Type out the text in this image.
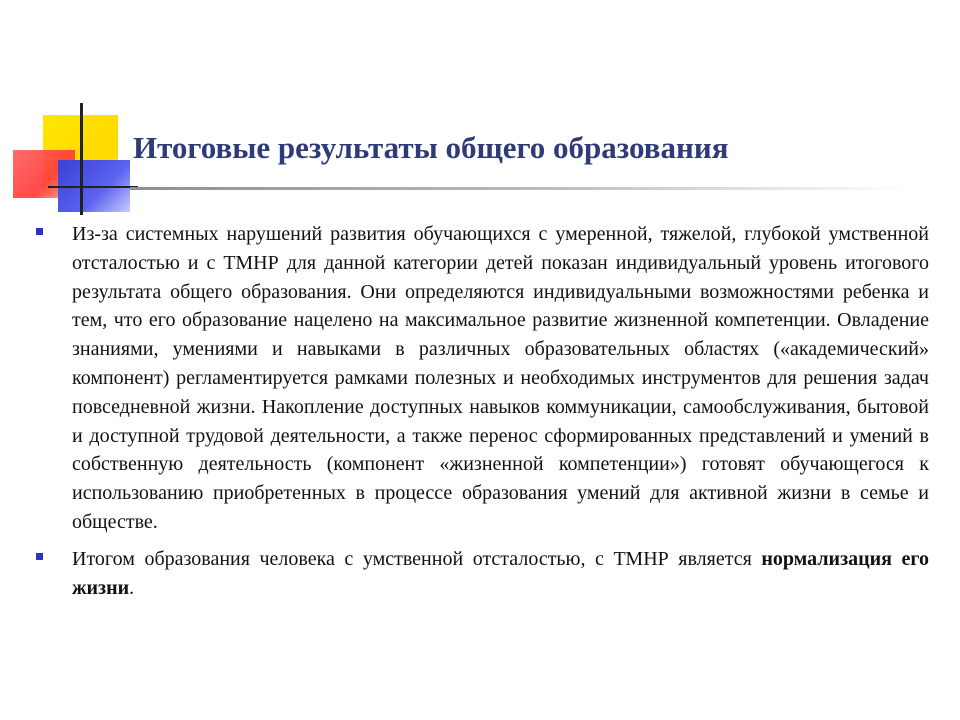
Итоговые результаты общего образования
Из-за системных нарушений развития обучающихся с умеренной, тяжелой, глубокой умственной отсталостью и с ТМНР для данной категории детей показан индивидуальный уровень итогового результата общего образования. Они определяются индивидуальными возможностями ребенка и тем, что его образование нацелено на максимальное развитие жизненной компетенции. Овладение знаниями, умениями и навыками в различных образовательных областях («академический» компонент) регламентируется рамками полезных и необходимых инструментов для решения задач повседневной жизни. Накопление доступных навыков коммуникации, самообслуживания, бытовой и доступной трудовой деятельности, а также перенос сформированных представлений и умений в собственную деятельность (компонент «жизненной компетенции») готовят обучающегося к использованию приобретенных в процессе образования умений для активной жизни в семье и обществе.
Итогом образования человека с умственной отсталостью, с ТМНР является нормализация его жизни.
